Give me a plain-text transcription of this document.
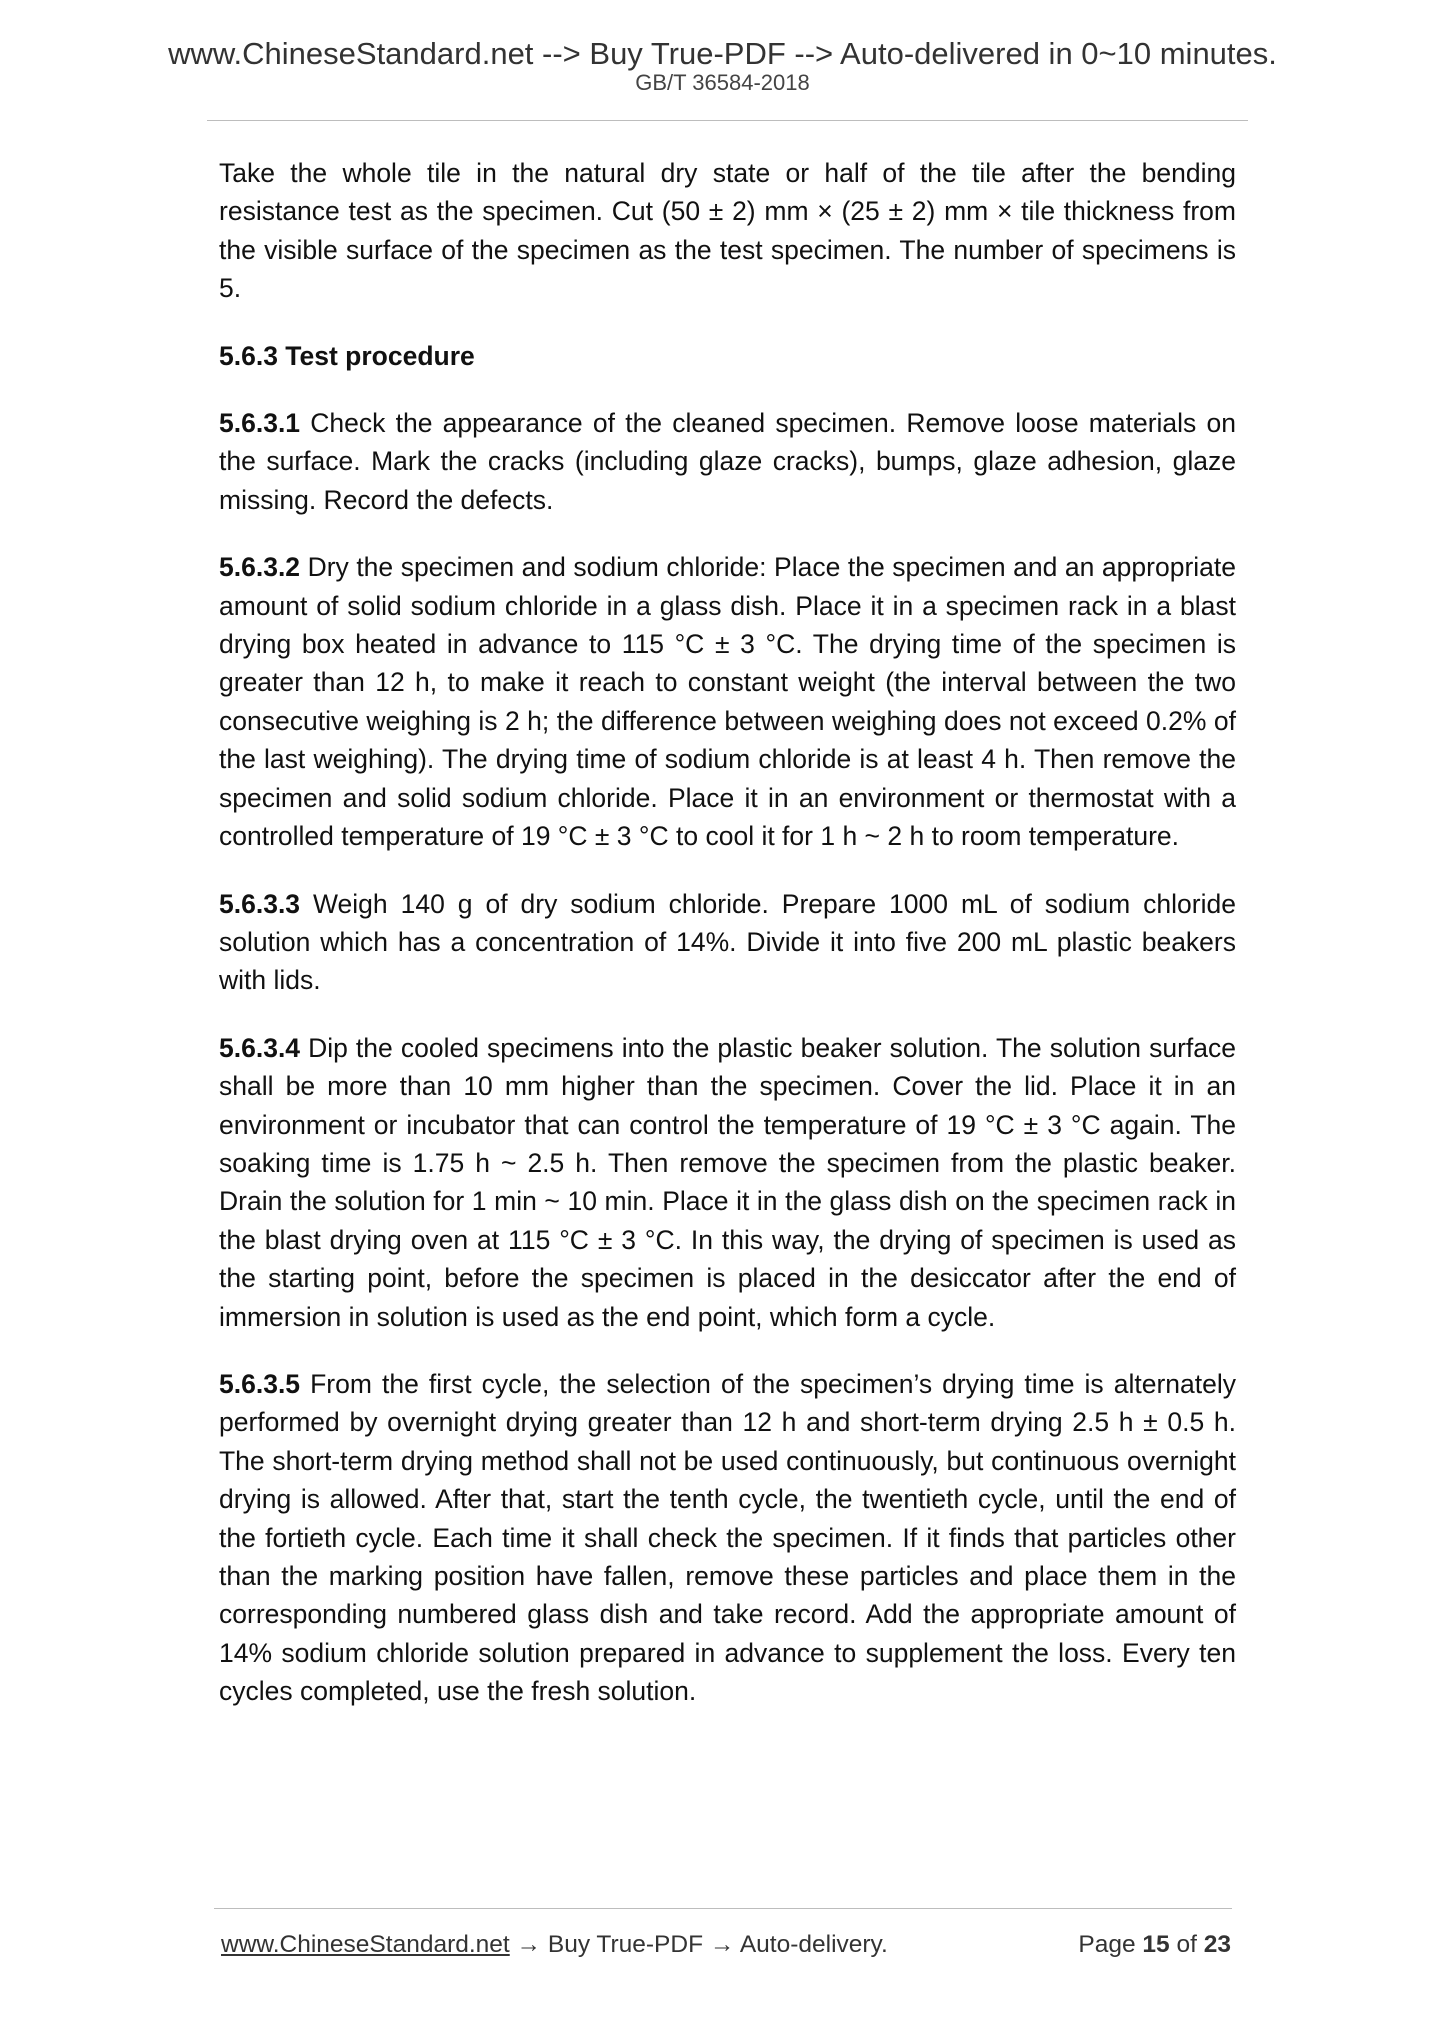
www.ChineseStandard.net --> Buy True-PDF --> Auto-delivered in 0~10 minutes.
GB/T 36584-2018

Take the whole tile in the natural dry state or half of the tile after the bending resistance test as the specimen. Cut (50 ± 2) mm × (25 ± 2) mm × tile thickness from the visible surface of the specimen as the test specimen. The number of specimens is 5.

5.6.3 Test procedure

5.6.3.1 Check the appearance of the cleaned specimen. Remove loose materials on the surface. Mark the cracks (including glaze cracks), bumps, glaze adhesion, glaze missing. Record the defects.

5.6.3.2 Dry the specimen and sodium chloride: Place the specimen and an appropriate amount of solid sodium chloride in a glass dish. Place it in a specimen rack in a blast drying box heated in advance to 115 °C ± 3 °C. The drying time of the specimen is greater than 12 h, to make it reach to constant weight (the interval between the two consecutive weighing is 2 h; the difference between weighing does not exceed 0.2% of the last weighing). The drying time of sodium chloride is at least 4 h. Then remove the specimen and solid sodium chloride. Place it in an environment or thermostat with a controlled temperature of 19 °C ± 3 °C to cool it for 1 h ~ 2 h to room temperature.

5.6.3.3 Weigh 140 g of dry sodium chloride. Prepare 1000 mL of sodium chloride solution which has a concentration of 14%. Divide it into five 200 mL plastic beakers with lids.

5.6.3.4 Dip the cooled specimens into the plastic beaker solution. The solution surface shall be more than 10 mm higher than the specimen. Cover the lid. Place it in an environment or incubator that can control the temperature of 19 °C ± 3 °C again. The soaking time is 1.75 h ~ 2.5 h. Then remove the specimen from the plastic beaker. Drain the solution for 1 min ~ 10 min. Place it in the glass dish on the specimen rack in the blast drying oven at 115 °C ± 3 °C. In this way, the drying of specimen is used as the starting point, before the specimen is placed in the desiccator after the end of immersion in solution is used as the end point, which form a cycle.

5.6.3.5 From the first cycle, the selection of the specimen’s drying time is alternately performed by overnight drying greater than 12 h and short-term drying 2.5 h ± 0.5 h. The short-term drying method shall not be used continuously, but continuous overnight drying is allowed. After that, start the tenth cycle, the twentieth cycle, until the end of the fortieth cycle. Each time it shall check the specimen. If it finds that particles other than the marking position have fallen, remove these particles and place them in the corresponding numbered glass dish and take record. Add the appropriate amount of 14% sodium chloride solution prepared in advance to supplement the loss. Every ten cycles completed, use the fresh solution.

www.ChineseStandard.net → Buy True-PDF → Auto-delivery.	Page 15 of 23
